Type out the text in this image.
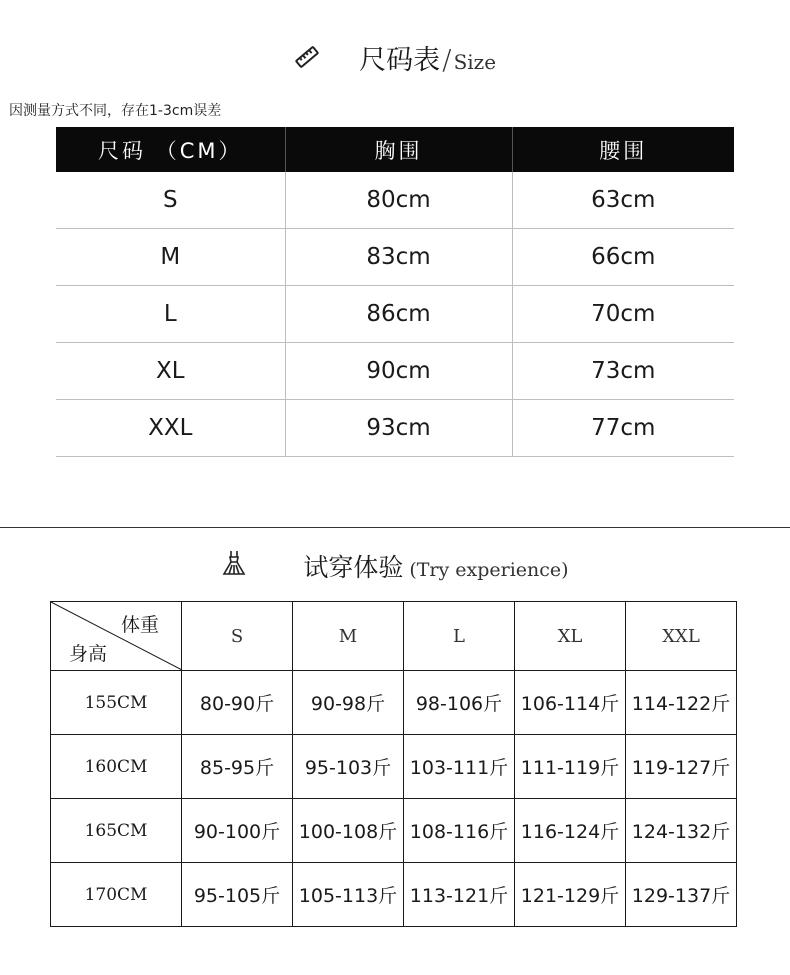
尺码表/ Size
因测量方式不同，存在1-3cm误差
尺码 （CM）	胸围	腰围
S	80cm	63cm
M	83cm	66cm
L	86cm	70cm
XL	90cm	73cm
XXL	93cm	77cm
试穿体验 (Try experience)
体重
身高	S	M	L	XL	XXL
155CM	80-90斤	90-98斤	98-106斤	106-114斤	114-122斤
160CM	85-95斤	95-103斤	103-111斤	111-119斤	119-127斤
165CM	90-100斤	100-108斤	108-116斤	116-124斤	124-132斤
170CM	95-105斤	105-113斤	113-121斤	121-129斤	129-137斤
